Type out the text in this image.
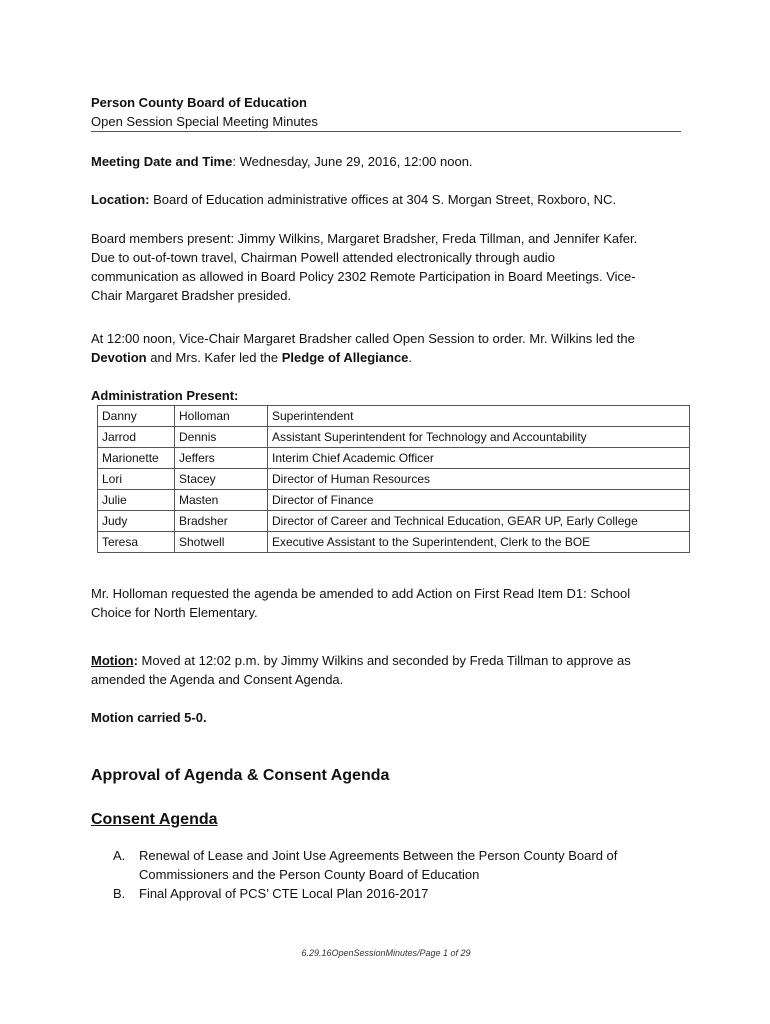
Person County Board of Education
Open Session Special Meeting Minutes
Meeting Date and Time: Wednesday, June 29, 2016, 12:00 noon.
Location: Board of Education administrative offices at 304 S. Morgan Street, Roxboro, NC.
Board members present: Jimmy Wilkins, Margaret Bradsher, Freda Tillman, and Jennifer Kafer.
Due to out-of-town travel, Chairman Powell attended electronically through audio
communication as allowed in Board Policy 2302 Remote Participation in Board Meetings. Vice-
Chair Margaret Bradsher presided.
At 12:00 noon, Vice-Chair Margaret Bradsher called Open Session to order. Mr. Wilkins led the
Devotion and Mrs. Kafer led the Pledge of Allegiance.
Administration Present:
Danny	Holloman	Superintendent
Jarrod	Dennis	Assistant Superintendent for Technology and Accountability
Marionette	Jeffers	Interim Chief Academic Officer
Lori	Stacey	Director of Human Resources
Julie	Masten	Director of Finance
Judy	Bradsher	Director of Career and Technical Education, GEAR UP, Early College
Teresa	Shotwell	Executive Assistant to the Superintendent, Clerk to the BOE
Mr. Holloman requested the agenda be amended to add Action on First Read Item D1: School
Choice for North Elementary.
Motion: Moved at 12:02 p.m. by Jimmy Wilkins and seconded by Freda Tillman to approve as
amended the Agenda and Consent Agenda.
Motion carried 5-0.
Approval of Agenda & Consent Agenda
Consent Agenda
A. Renewal of Lease and Joint Use Agreements Between the Person County Board of
Commissioners and the Person County Board of Education
B. Final Approval of PCS’ CTE Local Plan 2016-2017
6.29.16OpenSessionMinutes/Page 1 of 29
